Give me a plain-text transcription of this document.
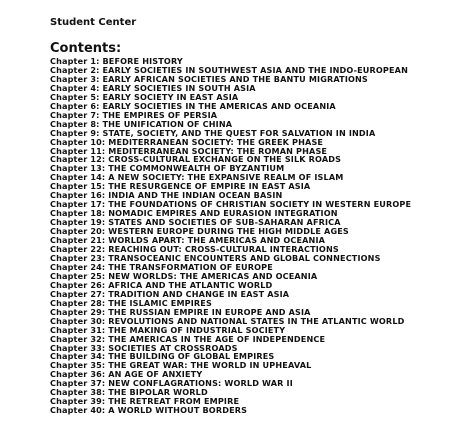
Student Center
Contents:
Chapter 1: BEFORE HISTORY
Chapter 2: EARLY SOCIETIES IN SOUTHWEST ASIA AND THE INDO-EUROPEAN
Chapter 3: EARLY AFRICAN SOCIETIES AND THE BANTU MIGRATIONS
Chapter 4: EARLY SOCIETIES IN SOUTH ASIA
Chapter 5: EARLY SOCIETY IN EAST ASIA
Chapter 6: EARLY SOCIETIES IN THE AMERICAS AND OCEANIA
Chapter 7: THE EMPIRES OF PERSIA
Chapter 8: THE UNIFICATION OF CHINA
Chapter 9: STATE, SOCIETY, AND THE QUEST FOR SALVATION IN INDIA
Chapter 10: MEDITERRANEAN SOCIETY: THE GREEK PHASE
Chapter 11: MEDITERRANEAN SOCIETY: THE ROMAN PHASE
Chapter 12: CROSS-CULTURAL EXCHANGE ON THE SILK ROADS
Chapter 13: THE COMMONWEALTH OF BYZANTIUM
Chapter 14: A NEW SOCIETY: THE EXPANSIVE REALM OF ISLAM
Chapter 15: THE RESURGENCE OF EMPIRE IN EAST ASIA
Chapter 16: INDIA AND THE INDIAN OCEAN BASIN
Chapter 17: THE FOUNDATIONS OF CHRISTIAN SOCIETY IN WESTERN EUROPE
Chapter 18: NOMADIC EMPIRES AND EURASION INTEGRATION
Chapter 19: STATES AND SOCIETIES OF SUB-SAHARAN AFRICA
Chapter 20: WESTERN EUROPE DURING THE HIGH MIDDLE AGES
Chapter 21: WORLDS APART: THE AMERICAS AND OCEANIA
Chapter 22: REACHING OUT: CROSS-CULTURAL INTERACTIONS
Chapter 23: TRANSOCEANIC ENCOUNTERS AND GLOBAL CONNECTIONS
Chapter 24: THE TRANSFORMATION OF EUROPE
Chapter 25: NEW WORLDS: THE AMERICAS AND OCEANIA
Chapter 26: AFRICA AND THE ATLANTIC WORLD
Chapter 27: TRADITION AND CHANGE IN EAST ASIA
Chapter 28: THE ISLAMIC EMPIRES
Chapter 29: THE RUSSIAN EMPIRE IN EUROPE AND ASIA
Chapter 30: REVOLUTIONS AND NATIONAL STATES IN THE ATLANTIC WORLD
Chapter 31: THE MAKING OF INDUSTRIAL SOCIETY
Chapter 32: THE AMERICAS IN THE AGE OF INDEPENDENCE
Chapter 33: SOCIETIES AT CROSSROADS
Chapter 34: THE BUILDING OF GLOBAL EMPIRES
Chapter 35: THE GREAT WAR: THE WORLD IN UPHEAVAL
Chapter 36: AN AGE OF ANXIETY
Chapter 37: NEW CONFLAGRATIONS: WORLD WAR II
Chapter 38: THE BIPOLAR WORLD
Chapter 39: THE RETREAT FROM EMPIRE
Chapter 40: A WORLD WITHOUT BORDERS
